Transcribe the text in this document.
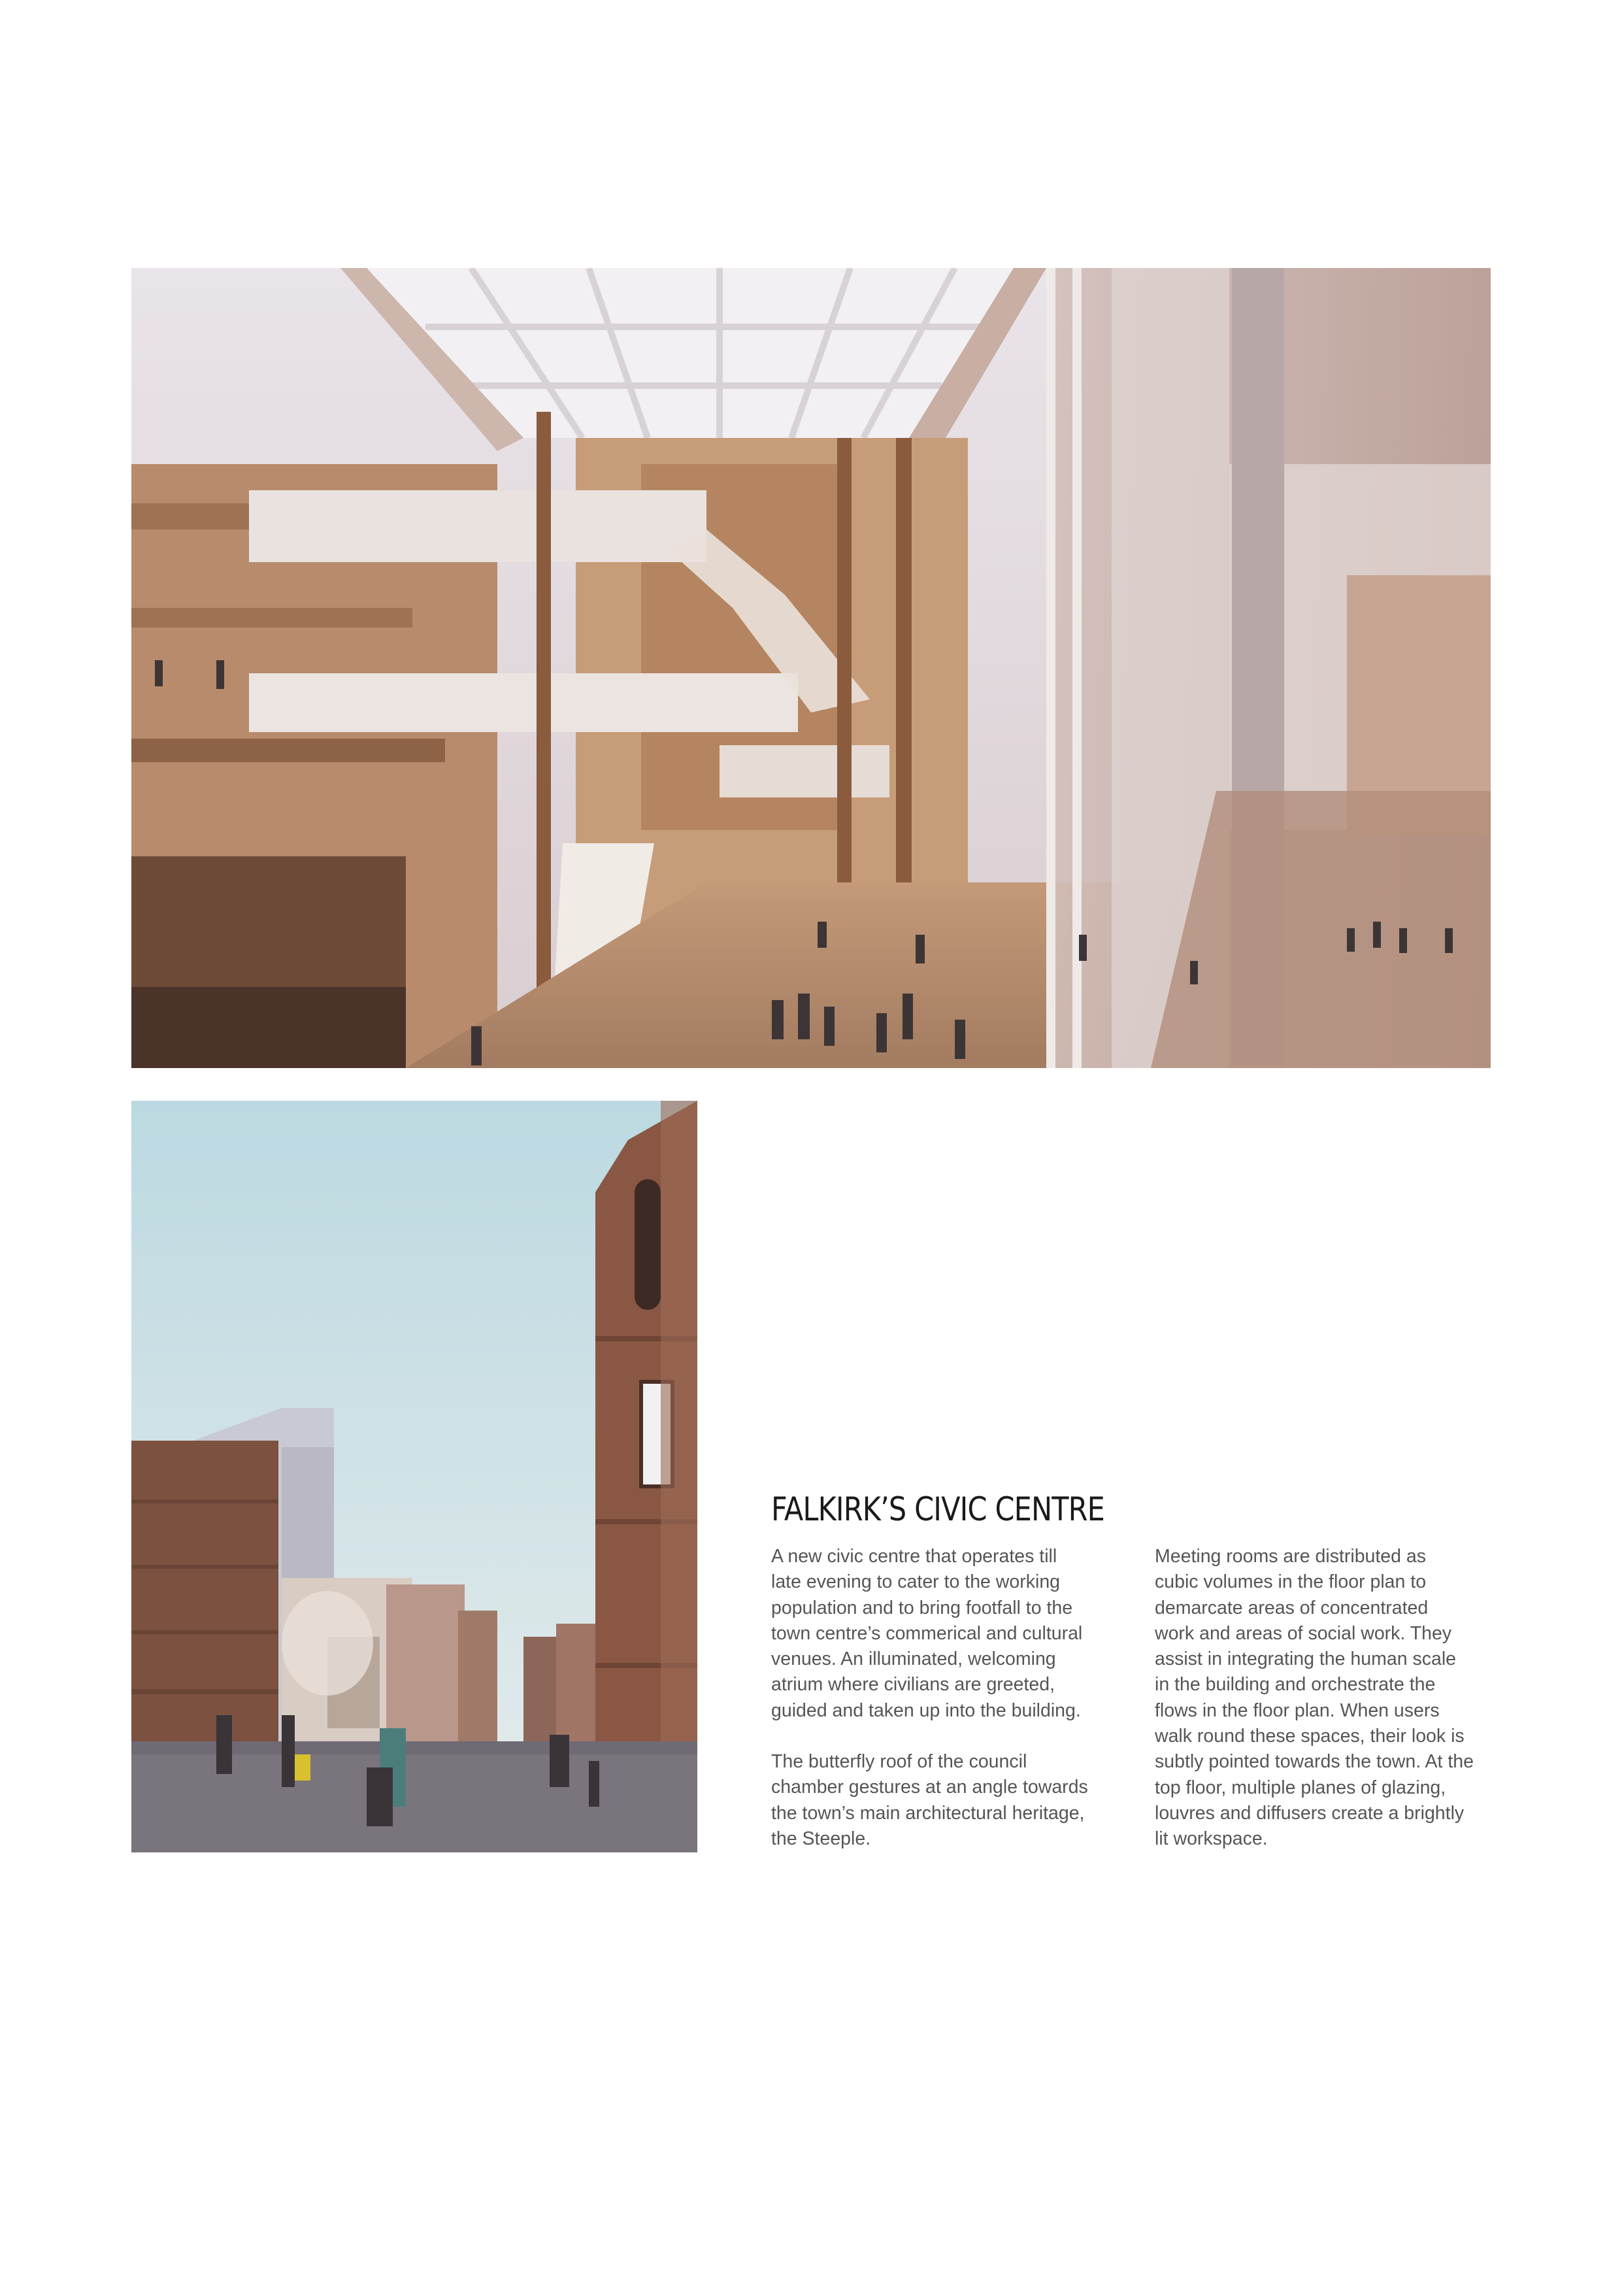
FALKIRK’S CIVIC CENTRE

A new civic centre that operates till
late evening to cater to the working
population and to bring footfall to the
town centre’s commerical and cultural
venues. An illuminated, welcoming
atrium where civilians are greeted,
guided and taken up into the building.

The butterfly roof of the council
chamber gestures at an angle towards
the town’s main architectural heritage,
the Steeple.

Meeting rooms are distributed as
cubic volumes in the floor plan to
demarcate areas of concentrated
work and areas of social work. They
assist in integrating the human scale
in the building and orchestrate the
flows in the floor plan. When users
walk round these spaces, their look is
subtly pointed towards the town. At the
top floor, multiple planes of glazing,
louvres and diffusers create a brightly
lit workspace.
